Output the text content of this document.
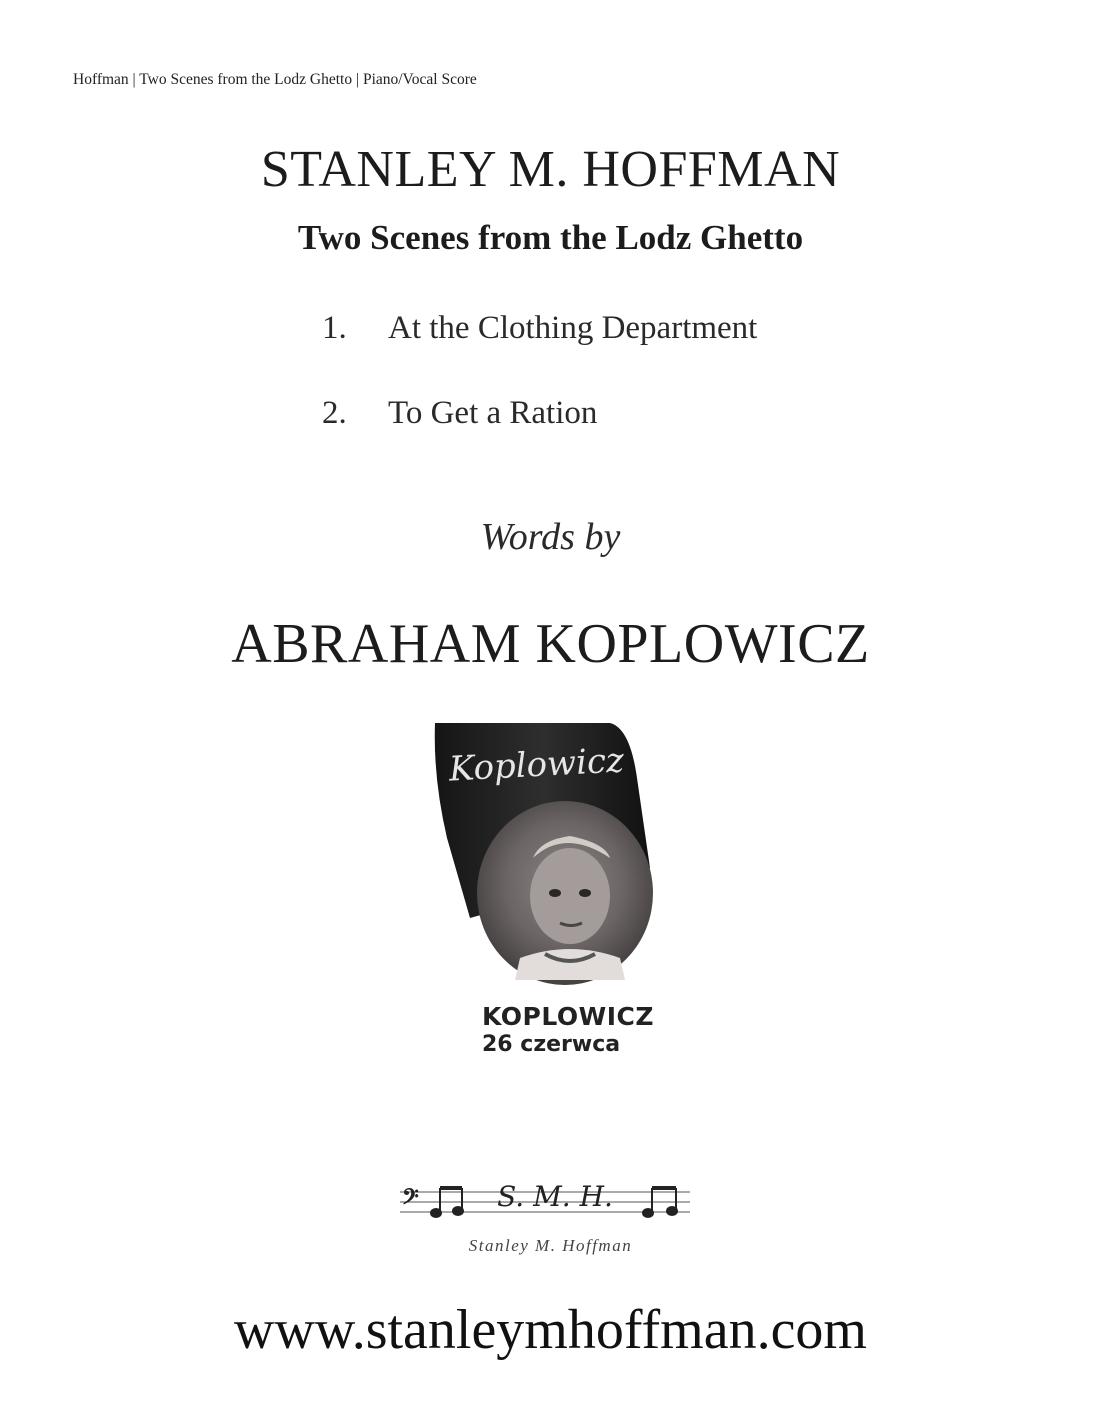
Hoffman | Two Scenes from the Lodz Ghetto | Piano/Vocal Score
STANLEY M. HOFFMAN
Two Scenes from the Lodz Ghetto
1. At the Clothing Department
2. To Get a Ration
Words by
ABRAHAM KOPLOWICZ
Koplowicz
KOPLOWICZ
26 czerwca
𝄢	S. M. H.
Stanley M. Hoffman
www.stanleymhoffman.com
